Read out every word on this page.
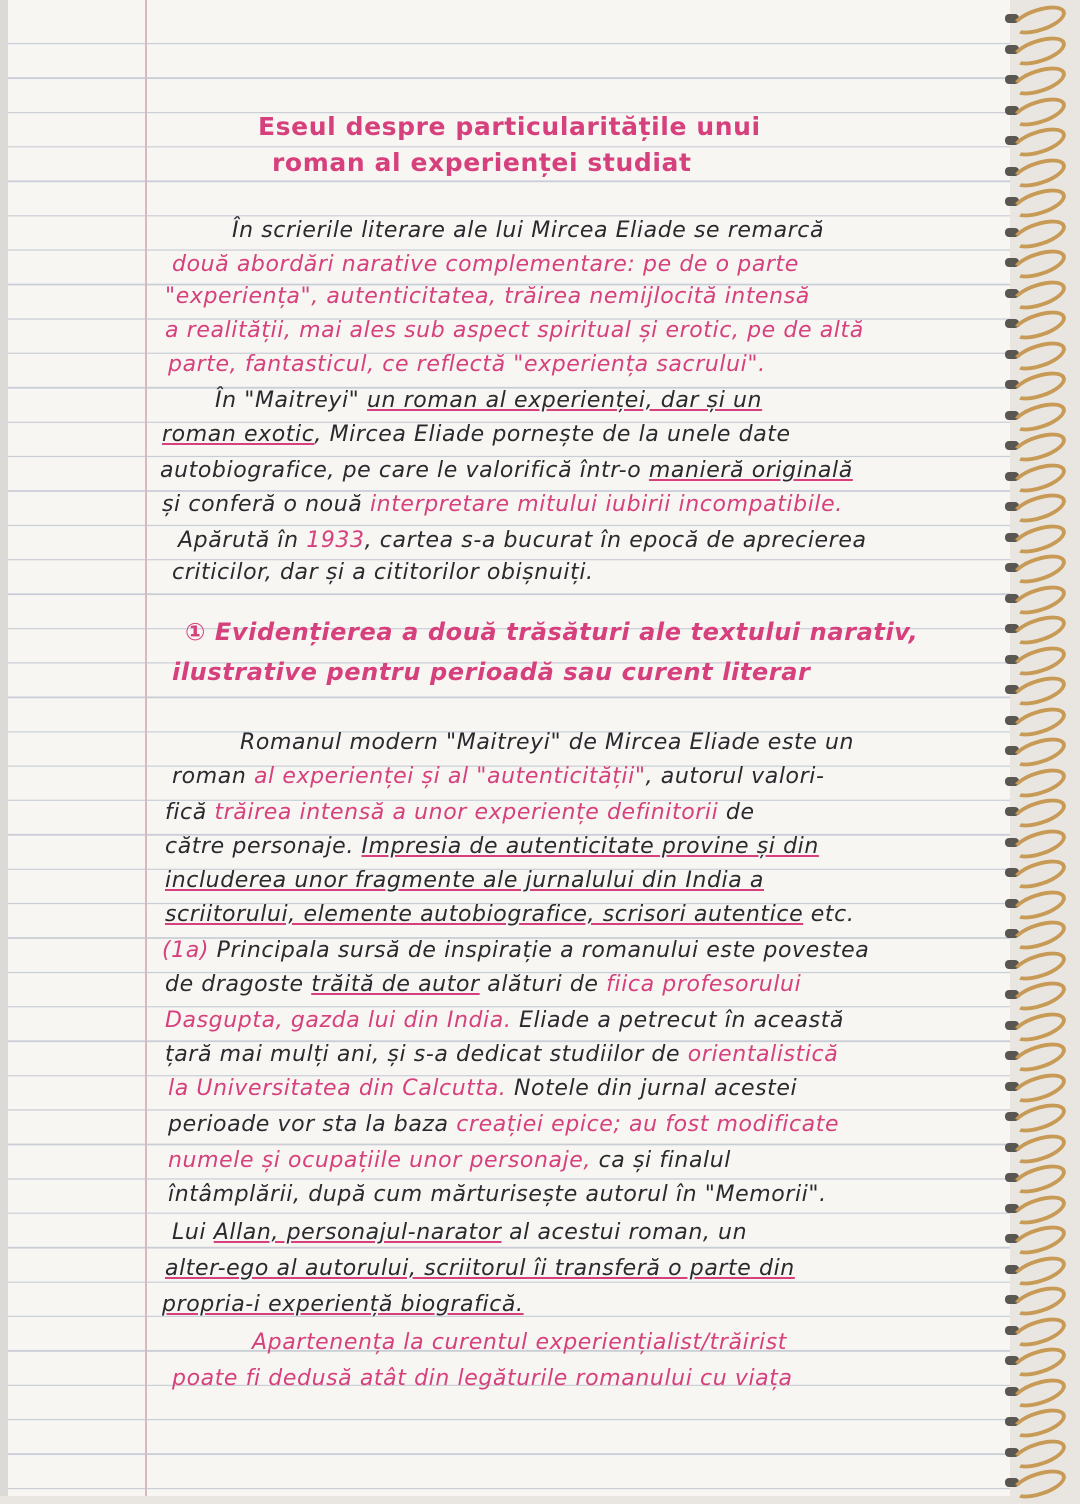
Eseul despre particularitățile unui
roman al experienței studiat
În scrierile literare ale lui Mircea Eliade se remarcă
două abordări narative complementare: pe de o parte
"experiența", autenticitatea, trăirea nemijlocită intensă
a realității, mai ales sub aspect spiritual și erotic, pe de altă
parte, fantasticul, ce reflectă "experiența sacrului".
În "Maitreyi" un roman al experienței, dar și un
roman exotic, Mircea Eliade pornește de la unele date
autobiografice, pe care le valorifică într-o manieră originală
și conferă o nouă interpretare mitului iubirii incompatibile.
Apărută în 1933, cartea s-a bucurat în epocă de aprecierea
criticilor, dar și a cititorilor obișnuiți.
① Evidențierea a două trăsături ale textului narativ,
ilustrative pentru perioadă sau curent literar
Romanul modern "Maitreyi" de Mircea Eliade este un
roman al experienței și al "autenticității", autorul valori-
fică trăirea intensă a unor experiențe definitorii de
către personaje. Impresia de autenticitate provine și din
includerea unor fragmente ale jurnalului din India a
scriitorului, elemente autobiografice, scrisori autentice etc.
(1a) Principala sursă de inspirație a romanului este povestea
de dragoste trăită de autor alături de fiica profesorului
Dasgupta, gazda lui din India. Eliade a petrecut în această
țară mai mulți ani, și s-a dedicat studiilor de orientalistică
la Universitatea din Calcutta. Notele din jurnal acestei
perioade vor sta la baza creației epice; au fost modificate
numele și ocupațiile unor personaje, ca și finalul
întâmplării, după cum mărturisește autorul în "Memorii".
Lui Allan, personajul-narator al acestui roman, un
alter-ego al autorului, scriitorul îi transferă o parte din
propria-i experiență biografică.
Apartenența la curentul experiențialist/trăirist
poate fi dedusă atât din legăturile romanului cu viața
